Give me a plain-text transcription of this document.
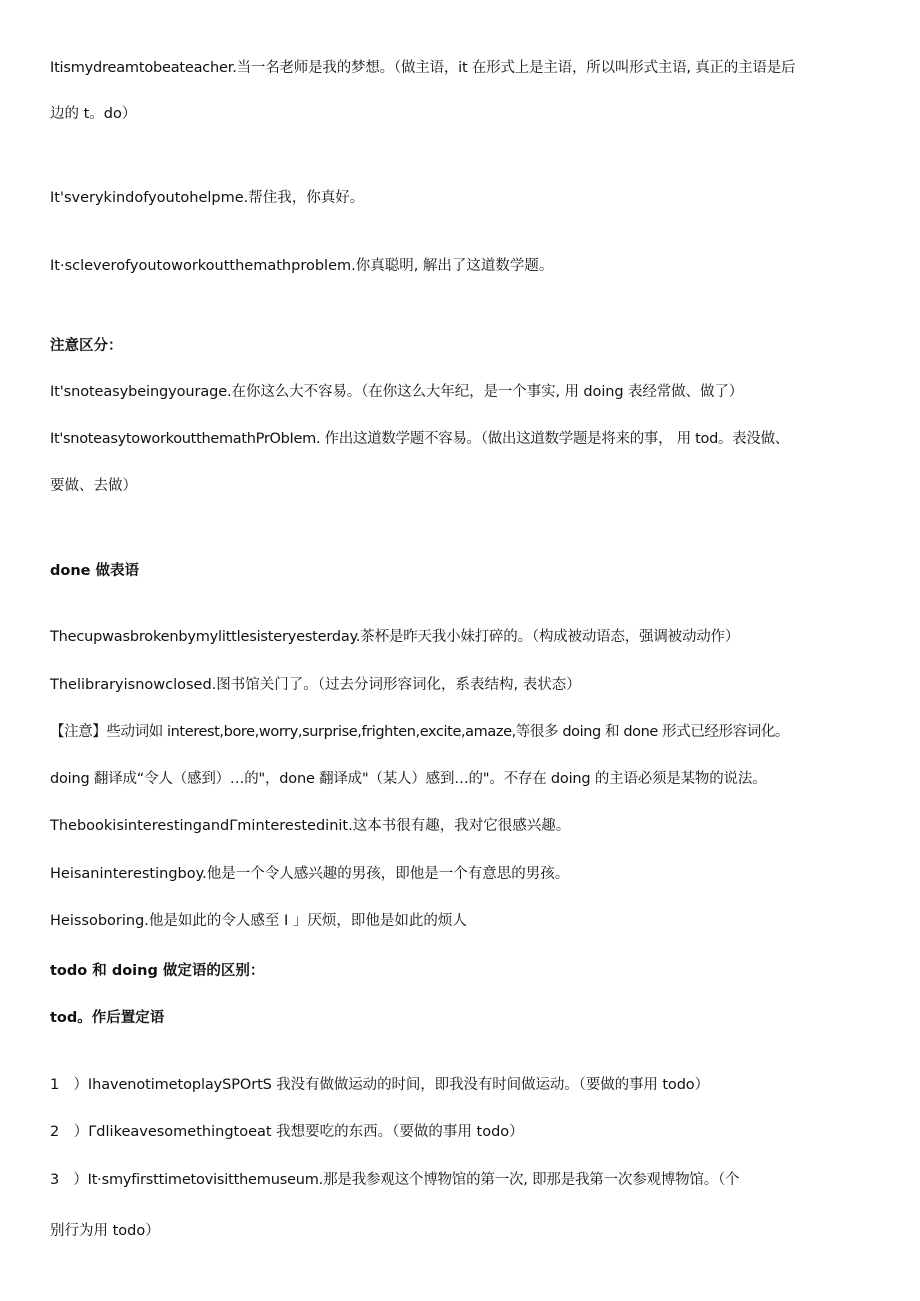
Itismydreamtobeateacher.当一名老师是我的梦想。（做主语，it 在形式上是主语，所以叫形式主语, 真正的主语是后
边的 t。do）
It'sverykindofyoutohelpme.帮住我，你真好。
It·scleverofyoutoworkoutthemathproblem.你真聪明, 解出了这道数学题。
注意区分：
It'snoteasybeingyourage.在你这么大不容易。（在你这么大年纪，是一个事实, 用 doing 表经常做、做了）
It'snoteasytoworkoutthemathPrObIem. 作出这道数学题不容易。（做出这道数学题是将来的事， 用 tod。表没做、
要做、去做）
done 做表语
Thecupwasbrokenbymylittlesisteryesterday.茶杯是昨天我小妹打碎的。（构成被动语态，强调被动动作）
Thelibraryisnowclosed.图书馆关门了。（过去分词形容词化，系表结构, 表状态）
【注意】些动词如 interest,bore,worry,surprise,frighten,excite,amaze,等很多 doing 和 done 形式已经形容词化。
doing 翻译成“令人（感到）…的"，done 翻译成"（某人）感到…的"。不存在 doing 的主语必须是某物的说法。
ThebookisinterestingandΓminterestedinit.这本书很有趣，我对它很感兴趣。
Heisaninterestingboy.他是一个令人感兴趣的男孩，即他是一个有意思的男孩。
Heissoboring.他是如此的令人感至 I 」厌烦，即他是如此的烦人
todo 和 doing 做定语的区别：
tod。作后置定语
1　）IhavenotimetoplaySPOrtS 我没有做做运动的时间，即我没有时间做运动。（要做的事用 todo）
2　）Γdlikeavesomethingtoeat 我想要吃的东西。（要做的事用 todo）
3　）It·smyfirsttimetovisitthemuseum.那是我参观这个博物馆的第一次, 即那是我第一次参观博物馆。（个
别行为用 todo）
